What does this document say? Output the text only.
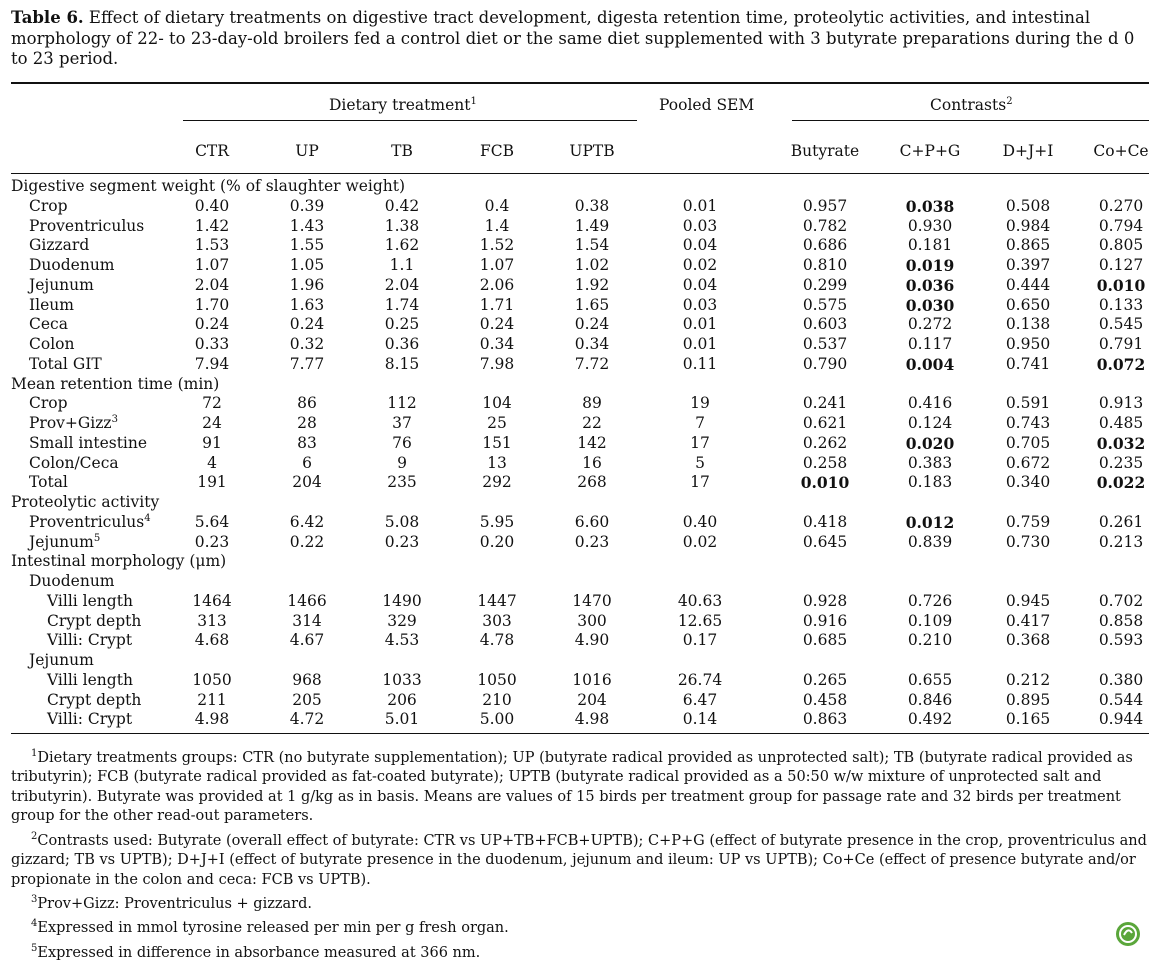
Table 6. Effect of dietary treatments on digestive tract development, digesta retention time, proteolytic activities, and intestinal morphology of 22- to 23-day-old broilers fed a control diet or the same diet supplemented with 3 butyrate preparations during the d 0 to 23 period.
Dietary treatment$^1$	Pooled SEM	Contrasts$^2$
CTR	UP	TB	FCB	UPTB	Butyrate	C+P+G	D+J+I	Co+Ce
Digestive segment weight (% of slaughter weight)
Crop	0.40	0.39	0.42	0.4	0.38	0.01	0.957	0.038	0.508	0.270
Proventriculus	1.42	1.43	1.38	1.4	1.49	0.03	0.782	0.930	0.984	0.794
Gizzard	1.53	1.55	1.62	1.52	1.54	0.04	0.686	0.181	0.865	0.805
Duodenum	1.07	1.05	1.1	1.07	1.02	0.02	0.810	0.019	0.397	0.127
Jejunum	2.04	1.96	2.04	2.06	1.92	0.04	0.299	0.036	0.444	0.010
Ileum	1.70	1.63	1.74	1.71	1.65	0.03	0.575	0.030	0.650	0.133
Ceca	0.24	0.24	0.25	0.24	0.24	0.01	0.603	0.272	0.138	0.545
Colon	0.33	0.32	0.36	0.34	0.34	0.01	0.537	0.117	0.950	0.791
Total GIT	7.94	7.77	8.15	7.98	7.72	0.11	0.790	0.004	0.741	0.072
Mean retention time (min)
Crop	72	86	112	104	89	19	0.241	0.416	0.591	0.913
Prov+Gizz$^3$	24	28	37	25	22	7	0.621	0.124	0.743	0.485
Small intestine	91	83	76	151	142	17	0.262	0.020	0.705	0.032
Colon/Ceca	4	6	9	13	16	5	0.258	0.383	0.672	0.235
Total	191	204	235	292	268	17	0.010	0.183	0.340	0.022
Proteolytic activity
Proventriculus$^4$	5.64	6.42	5.08	5.95	6.60	0.40	0.418	0.012	0.759	0.261
Jejunum$^5$	0.23	0.22	0.23	0.20	0.23	0.02	0.645	0.839	0.730	0.213
Intestinal morphology (μm)
Duodenum
Villi length	1464	1466	1490	1447	1470	40.63	0.928	0.726	0.945	0.702
Crypt depth	313	314	329	303	300	12.65	0.916	0.109	0.417	0.858
Villi: Crypt	4.68	4.67	4.53	4.78	4.90	0.17	0.685	0.210	0.368	0.593
Jejunum
Villi length	1050	968	1033	1050	1016	26.74	0.265	0.655	0.212	0.380
Crypt depth	211	205	206	210	204	6.47	0.458	0.846	0.895	0.544
Villi: Crypt	4.98	4.72	5.01	5.00	4.98	0.14	0.863	0.492	0.165	0.944

$^1$Dietary treatments groups: CTR (no butyrate supplementation); UP (butyrate radical provided as unprotected salt); TB (butyrate radical provided as tributyrin); FCB (butyrate radical provided as fat-coated butyrate); UPTB (butyrate radical provided as a 50:50 w/w mixture of unprotected salt and tributyrin). Butyrate was provided at 1 g/kg as in basis. Means are values of 15 birds per treatment group for passage rate and 32 birds per treatment group for the other read-out parameters.

$^2$Contrasts used: Butyrate (overall effect of butyrate: CTR vs UP+TB+FCB+UPTB); C+P+G (effect of butyrate presence in the crop, proventriculus and gizzard; TB vs UPTB); D+J+I (effect of butyrate presence in the duodenum, jejunum and ileum: UP vs UPTB); Co+Ce (effect of presence butyrate and/or propionate in the colon and ceca: FCB vs UPTB).

$^3$Prov+Gizz: Proventriculus + gizzard.

$^4$Expressed in mmol tyrosine released per min per g fresh organ.

$^5$Expressed in difference in absorbance measured at 366 nm.
